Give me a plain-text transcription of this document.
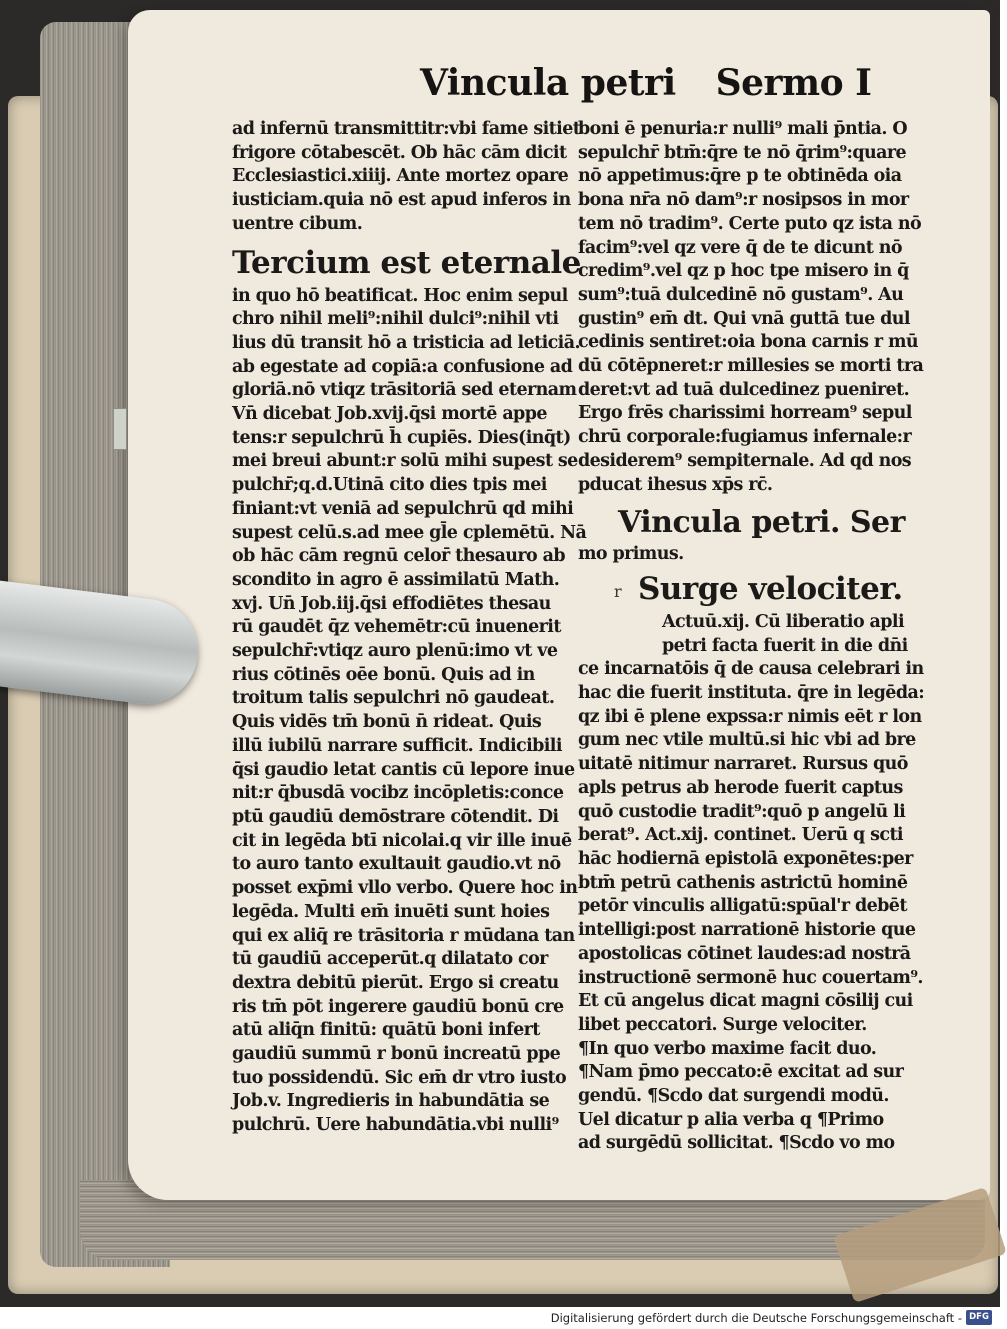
Vincula petri Sermo I
ad infernū transmittitr:vbi fame sitiet
frigore cōtabescēt. Ob hāc cām dicit
Ecclesiastici.xiiij. Ante mortez opare
iusticiam.quia nō est apud inferos in
uentre cibum.
Tercium est eternale
in quo hō beatificat. Hoc enim sepul
chro nihil meli⁹:nihil dulci⁹:nihil vti
lius dū transit hō a tristicia ad leticiā.
ab egestate ad copiā:a confusione ad
gloriā.nō vtiqz trāsitoriā sed eternam
Vn̄ dicebat Job.xvij.q̄si mortē appe
tens:r sepulchrū h̄ cupiēs. Dies(inq̄t)
mei breui abunt:r solū mihi supest se
pulchr̄;q.d.Utinā cito dies tpis mei
finiant:vt veniā ad sepulchrū qd mihi
supest celū.s.ad mee gl̄e cplemētū. Nā
ob hāc cām regnū celor̄ thesauro ab
scondito in agro ē assimilatū Math.
xvj. Un̄ Job.iij.q̄si effodiētes thesau
rū gaudēt q̄z vehemētr:cū inuenerit
sepulchr̄:vtiqz auro plenū:imo vt ve
rius cōtinēs oēe bonū. Quis ad in
troitum talis sepulchri nō gaudeat.
Quis vidēs tm̄ bonū n̄ rideat. Quis
illū iubilū narrare sufficit. Indicibili
q̄si gaudio letat cantis cū lepore inue
nit:r q̄busdā vocibz incōpletis:conce
ptū gaudiū demōstrare cōtendit. Di
cit in legēda btī nicolai.q vir ille inuē
to auro tanto exultauit gaudio.vt nō
posset exp̄mi vllo verbo. Quere hoc in
legēda. Multi em̄ inuēti sunt hoies
qui ex aliq̄ re trāsitoria r mūdana tan
tū gaudiū acceperūt.q dilatato cor
dextra debitū pierūt. Ergo si creatu
ris tm̄ pōt ingerere gaudiū bonū cre
atū aliq̄n finitū: quātū boni infert
gaudiū summū r bonū increatū ppe
tuo possidendū. Sic em̄ dr vtro iusto
Job.v. Ingredieris in habundātia se
pulchrū. Uere habundātia.vbi nulli⁹
boni ē penuria:r nulli⁹ mali p̄ntia. O
sepulchr̄ btm̄:q̄re te nō q̄rim⁹:quare
nō appetimus:q̄re p te obtinēda oia
bona nr̄a nō dam⁹:r nosipsos in mor
tem nō tradim⁹. Certe puto qz ista nō
facim⁹:vel qz vere q̄ de te dicunt nō
credim⁹.vel qz p hoc tpe misero in q̄
sum⁹:tuā dulcedinē nō gustam⁹. Au
gustin⁹ em̄ dt. Qui vnā guttā tue dul
cedinis sentiret:oia bona carnis r mū
dū cōtēpneret:r millesies se morti tra
deret:vt ad tuā dulcedinez pueniret.
Ergo frēs charissimi horream⁹ sepul
chrū corporale:fugiamus infernale:r
desiderem⁹ sempiternale. Ad qd nos
pducat ihesus xp̄s rc̄.
Vincula petri. Ser
mo primus.
Surge velociter.
Actuū.xij. Cū liberatio apli
petri facta fuerit in die dn̄i
ce incarnatōis q̄ de causa celebrari in
hac die fuerit instituta. q̄re in legēda:
qz ibi ē plene expssa:r nimis eēt r lon
gum nec vtile multū.si hic vbi ad bre
uitatē nitimur narraret. Rursus quō
apls petrus ab herode fuerit captus
quō custodie tradit⁹:quō p angelū li
berat⁹. Act.xij. continet. Uerū q scti
hāc hodiernā epistolā exponētes:per
btm̄ petrū cathenis astrictū hominē
petōr vinculis alligatū:spūal'r debēt
intelligi:post narrationē historie que
apostolicas cōtinet laudes:ad nostrā
instructionē sermonē huc couertam⁹.
Et cū angelus dicat magni cōsilij cui
libet peccatori. Surge velociter.
¶In quo verbo maxime facit duo.
¶Nam p̄mo peccato:ē excitat ad sur
gendū. ¶Scdo dat surgendi modū.
Uel dicatur p alia verba q ¶Primo
ad surgēdū sollicitat. ¶Scdo vo mo
r
Digitalisierung gefördert durch die Deutsche Forschungsgemeinschaft - DFG
